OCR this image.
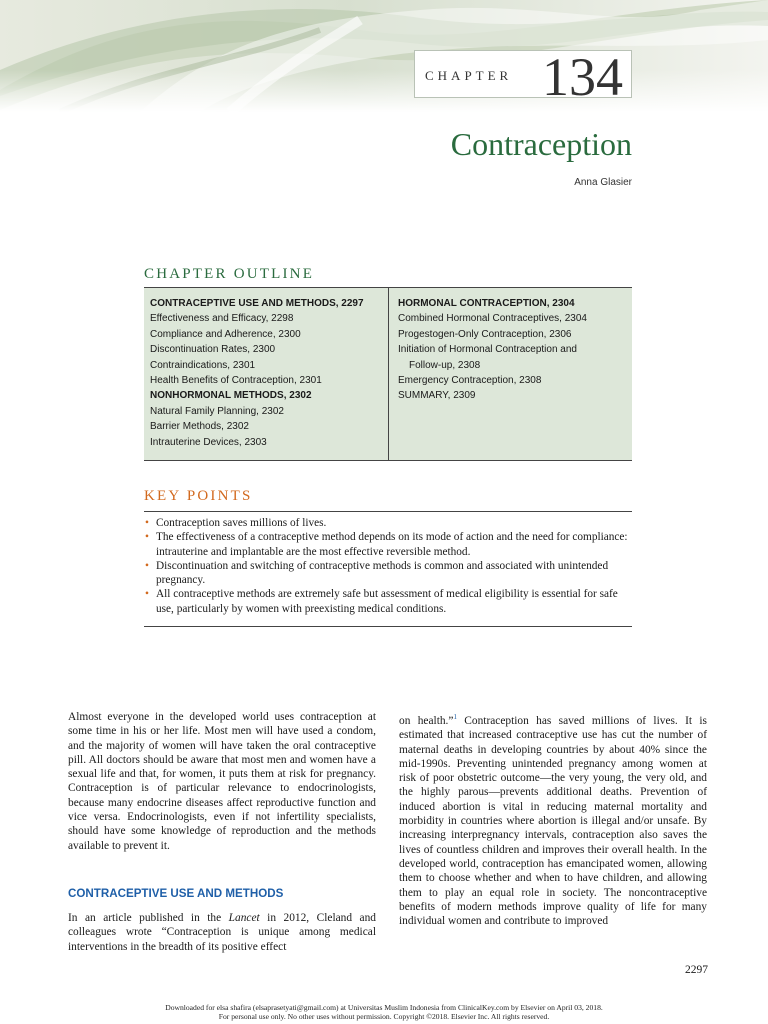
CHAPTER 134
Contraception
Anna Glasier
CHAPTER OUTLINE
CONTRACEPTIVE USE AND METHODS, 2297
Effectiveness and Efficacy, 2298
Compliance and Adherence, 2300
Discontinuation Rates, 2300
Contraindications, 2301
Health Benefits of Contraception, 2301
NONHORMONAL METHODS, 2302
Natural Family Planning, 2302
Barrier Methods, 2302
Intrauterine Devices, 2303
HORMONAL CONTRACEPTION, 2304
Combined Hormonal Contraceptives, 2304
Progestogen-Only Contraception, 2306
Initiation of Hormonal Contraception and
Follow-up, 2308
Emergency Contraception, 2308
SUMMARY, 2309
KEY POINTS
• Contraception saves millions of lives.
• The effectiveness of a contraceptive method depends on its mode of action and the need for compliance: intrauterine and implantable are the most effective reversible method.
• Discontinuation and switching of contraceptive methods is common and associated with unintended pregnancy.
• All contraceptive methods are extremely safe but assessment of medical eligibility is essential for safe use, particularly by women with preexisting medical conditions.

Almost everyone in the developed world uses contraception at some time in his or her life. Most men will have used a condom, and the majority of women will have taken the oral contraceptive pill. All doctors should be aware that most men and women have a sexual life and that, for women, it puts them at risk for pregnancy. Contraception is of particular relevance to endocrinologists, because many endocrine diseases affect reproductive function and vice versa. Endocrinologists, even if not infertility specialists, should have some knowledge of reproduction and the methods available to prevent it.

CONTRACEPTIVE USE AND METHODS

In an article published in the Lancet in 2012, Cleland and colleagues wrote “Contraception is unique among medical interventions in the breadth of its positive effect

on health.”$^1$ Contraception has saved millions of lives. It is estimated that increased contraceptive use has cut the number of maternal deaths in developing countries by about 40% since the mid-1990s. Preventing unintended pregnancy among women at risk of poor obstetric outcome—the very young, the very old, and the highly parous—prevents additional deaths. Prevention of induced abortion is vital in reducing maternal mortality and morbidity in countries where abortion is illegal and/or unsafe. By increasing interpregnancy intervals, contraception also saves the lives of countless children and improves their overall health. In the developed world, contraception has emancipated women, allowing them to choose whether and when to have children, and allowing them to play an equal role in society. The noncontraceptive benefits of modern methods improve quality of life for many individual women and contribute to improved

2297
Downloaded for elsa shafira (elsaprasetyati@gmail.com) at Universitas Muslim Indonesia from ClinicalKey.com by Elsevier on April 03, 2018.
For personal use only. No other uses without permission. Copyright ©2018. Elsevier Inc. All rights reserved.
